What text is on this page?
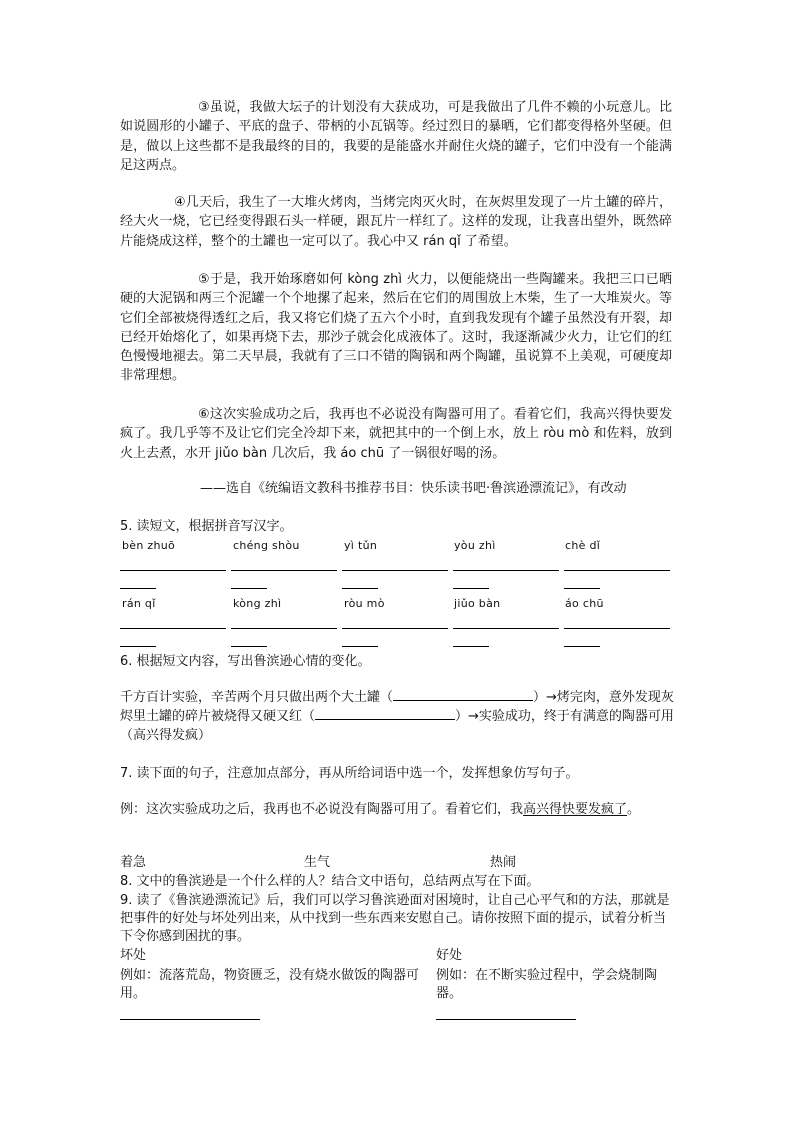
③虽说，我做大坛子的计划没有大获成功，可是我做出了几件不赖的小玩意儿。比如说圆形的小罐子、平底的盘子、带柄的小瓦锅等。经过烈日的暴晒，它们都变得格外坚硬。但是，做以上这些都不是我最终的目的，我要的是能盛水并耐住火烧的罐子，它们中没有一个能满足这两点。

④几天后，我生了一大堆火烤肉，当烤完肉灭火时，在灰烬里发现了一片土罐的碎片，经大火一烧，它已经变得跟石头一样硬，跟瓦片一样红了。这样的发现，让我喜出望外，既然碎片能烧成这样，整个的土罐也一定可以了。我心中又 rán qǐ 了希望。

⑤于是，我开始琢磨如何 kòng zhì 火力，以便能烧出一些陶罐来。我把三口已晒硬的大泥锅和两三个泥罐一个个地摞了起来，然后在它们的周围放上木柴，生了一大堆炭火。等它们全部被烧得透红之后，我又将它们烧了五六个小时，直到我发现有个罐子虽然没有开裂，却已经开始熔化了，如果再烧下去，那沙子就会化成液体了。这时，我逐渐减少火力，让它们的红色慢慢地褪去。第二天早晨，我就有了三口不错的陶锅和两个陶罐，虽说算不上美观，可硬度却非常理想。

⑥这次实验成功之后，我再也不必说没有陶器可用了。看着它们，我高兴得快要发疯了。我几乎等不及让它们完全冷却下来，就把其中的一个倒上水，放上 ròu mò 和佐料，放到火上去煮，水开 jiǔo bàn 几次后，我 áo chū 了一锅很好喝的汤。

——选自《统编语文教科书推荐书目：快乐读书吧·鲁滨逊漂流记》，有改动

5. 读短文，根据拼音写汉字。

bèn zhuō	chéng shòu	yì tǔn	yòu zhì	chè dǐ
rán qǐ	kòng zhì	ròu mò	jiǔo bàn	áo chū

6. 根据短文内容，写出鲁滨逊心情的变化。

千方百计实验，辛苦两个月只做出两个大土罐（	）→烤完肉，意外发现灰烬里土罐的碎片被烧得又硬又红（	）→实验成功，终于有满意的陶器可用（高兴得发疯）

7. 读下面的句子，注意加点部分，再从所给词语中选一个，发挥想象仿写句子。

例：这次实验成功之后，我再也不必说没有陶器可用了。看着它们，我高兴得快要发疯了。

着急	生气	热闹

8. 文中的鲁滨逊是一个什么样的人？结合文中语句，总结两点写在下面。

9. 读了《鲁滨逊漂流记》后，我们可以学习鲁滨逊面对困境时，让自己心平气和的方法，那就是把事件的好处与坏处列出来，从中找到一些东西来安慰自己。请你按照下面的提示，试着分析当下令你感到困扰的事。

坏处	好处

例如：流落荒岛，物资匮乏，没有烧水做饭的陶器可用。

例如：在不断实验过程中，学会烧制陶器。
